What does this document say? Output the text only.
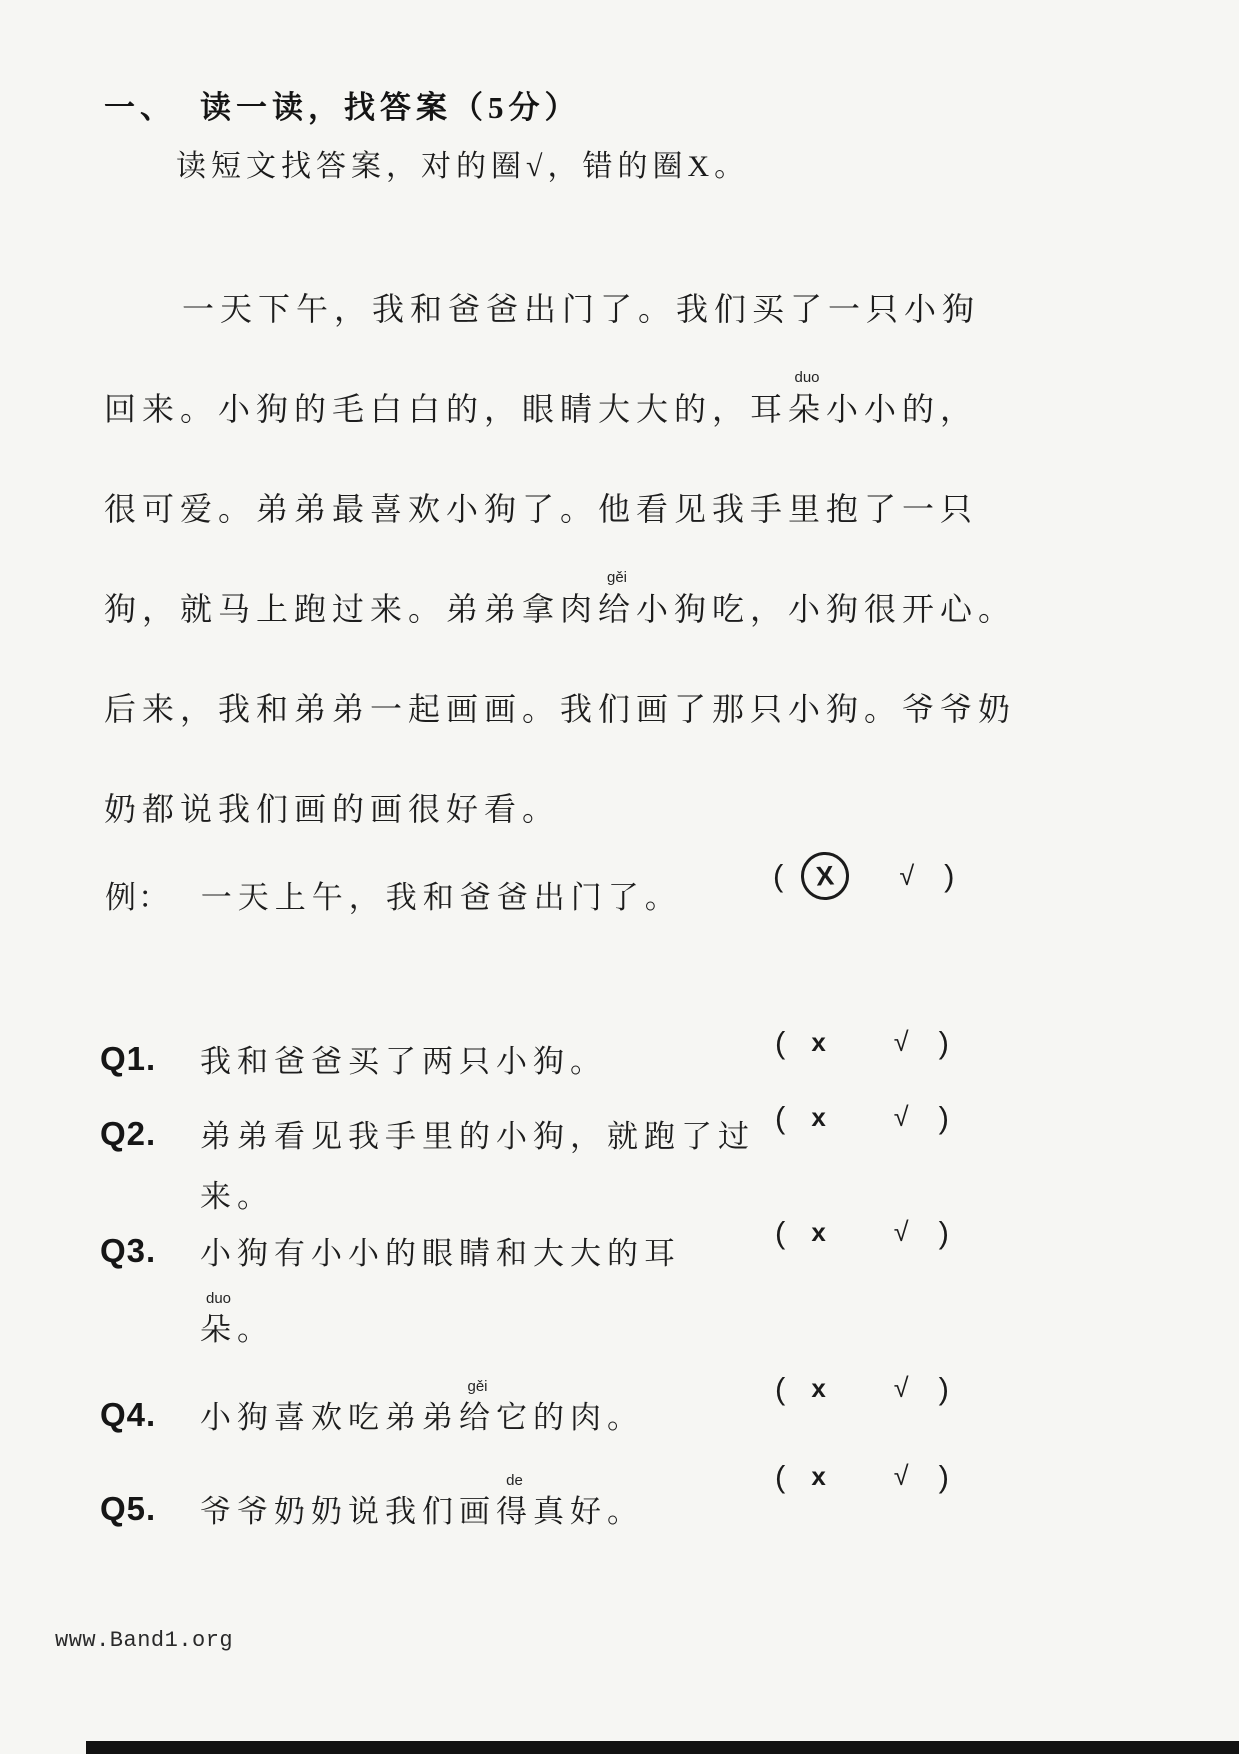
一、 读一读，找答案（5分）
读短文找答案，对的圈√，错的圈X。
一天下午，我和爸爸出门了。我们买了一只小狗
回来。小狗的毛白白的，眼睛大大的，耳朵
duo
小小的，
很可爱。弟弟最喜欢小狗了。他看见我手里抱了一只
狗，就马上跑过来。弟弟拿肉给
gěi
小狗吃，小狗很开心。
后来，我和弟弟一起画画。我们画了那只小狗。爷爷奶
奶都说我们画的画很好看。
例： 一天上午，我和爸爸出门了。
( X √ )
Q1.	我和爸爸买了两只小狗。
( x	√ )
Q2.	弟弟看见我手里的小狗，就跑了过
来。
( x	√ )
Q3.	小狗有小小的眼睛和大大的耳
朵
duo
。
( x	√ )
Q4.	小狗喜欢吃弟弟给
gěi
它的肉。
( x	√ )
Q5.	爷爷奶奶说我们画得
de
真好。
( x	√ )
www.Band1.org
